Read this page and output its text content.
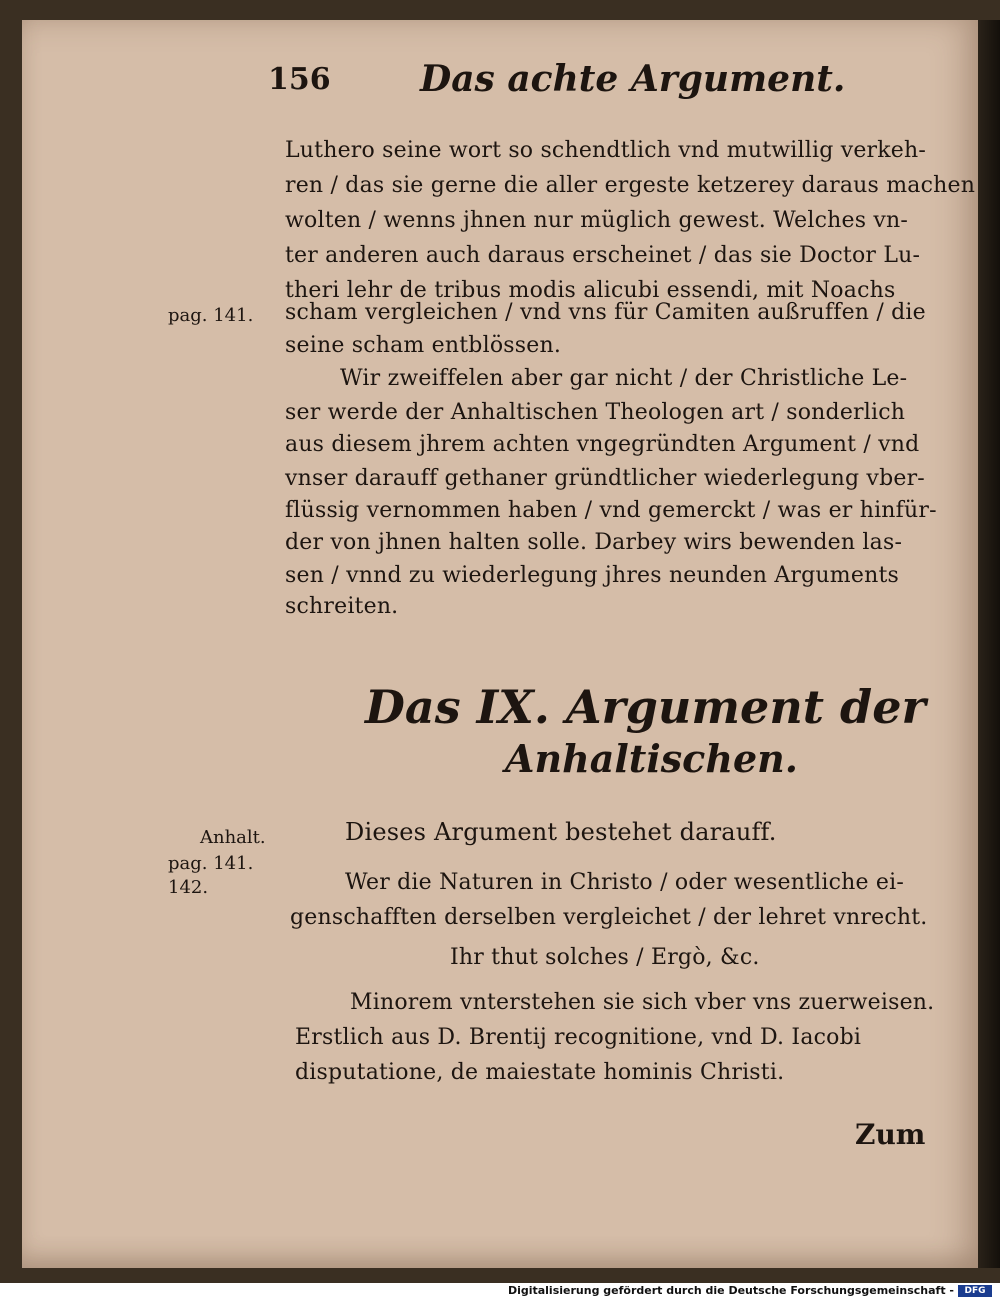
156 Das achte Argument.
Luthero seine wort so schendtlich vnd mutwillig verkeh-
ren / das sie gerne die aller ergeste ketzerey daraus machen
wolten / wenns jhnen nur müglich gewest. Welches vn-
ter anderen auch daraus erscheinet / das sie Doctor Lu-
theri lehr de tribus modis alicubi essendi, mit Noachs
scham vergleichen / vnd vns für Camiten außruffen / die
seine scham entblössen.
pag. 141.
Wir zweiffelen aber gar nicht / der Christliche Le-
ser werde der Anhaltischen Theologen art / sonderlich
aus diesem jhrem achten vngegründten Argument / vnd
vnser darauff gethaner gründtlicher wiederlegung vber-
flüssig vernommen haben / vnd gemerckt / was er hinfür-
der von jhnen halten solle. Darbey wirs bewenden las-
sen / vnnd zu wiederlegung jhres neunden Arguments
schreiten.
Das IX. Argument der
Anhaltischen.
Anhalt.
pag. 141.
142.
Dieses Argument bestehet darauff.
Wer die Naturen in Christo / oder wesentliche ei-
genschafften derselben vergleichet / der lehret vnrecht.
Ihr thut solches / Ergò, &c.
Minorem vnterstehen sie sich vber vns zuerweisen.
Erstlich aus D. Brentij recognitione, vnd D. Iacobi
disputatione, de maiestate hominis Christi.
Zum
Digitalisierung gefördert durch die Deutsche Forschungsgemeinschaft -	DFG
